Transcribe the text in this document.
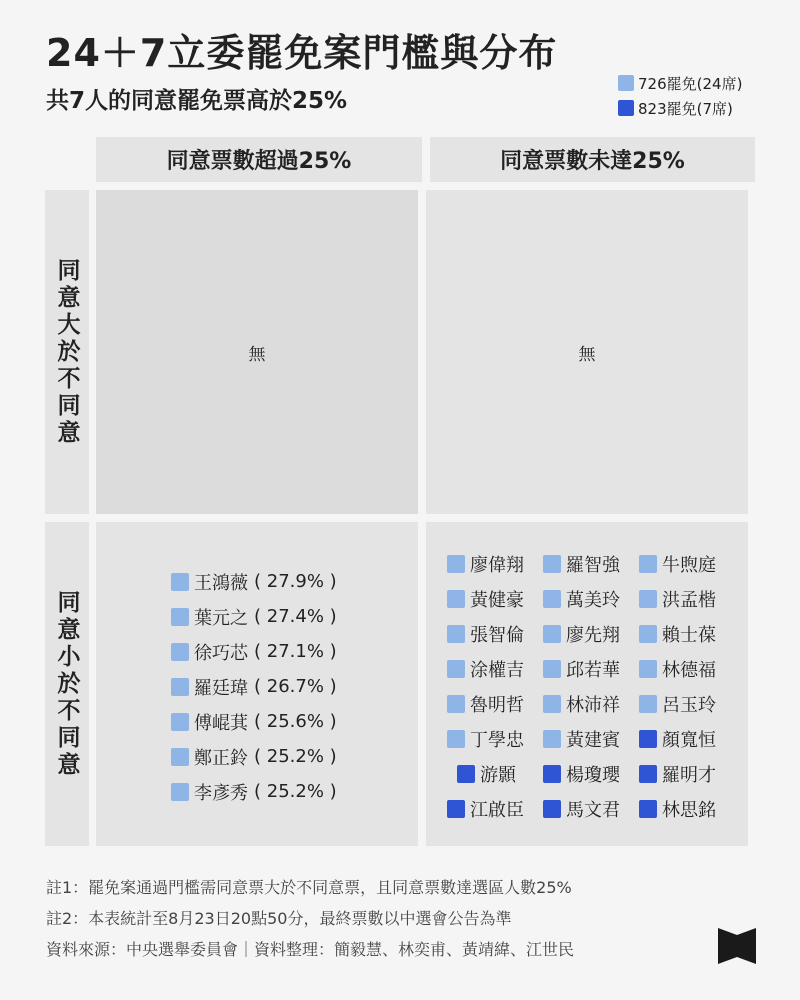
24＋7立委罷免案門檻與分布
共7人的同意罷免票高於25%
726罷免(24席)
823罷免(7席)
同意票數超過25%	同意票數未達25%
同意大於不同意
同意小於不同意
無	無
王鴻薇 ( 27.9% )
葉元之 ( 27.4% )
徐巧芯 ( 27.1% )
羅廷瑋 ( 26.7% )
傅崐萁 ( 25.6% )
鄭正鈴 ( 25.2% )
李彥秀 ( 25.2% )
廖偉翔 羅智強 牛煦庭
黃健豪 萬美玲 洪孟楷
張智倫 廖先翔 賴士葆
涂權吉 邱若華 林德福
魯明哲 林沛祥 呂玉玲
丁學忠 黃建賓 顏寬恒
游顥	楊瓊瓔 羅明才
江啟臣 馬文君 林思銘
註1：罷免案通過門檻需同意票大於不同意票，且同意票數達選區人數25%
註2：本表統計至8月23日20點50分，最終票數以中選會公告為準
資料來源：中央選舉委員會｜資料整理：簡毅慧、林奕甫、黃靖緯、江世民
